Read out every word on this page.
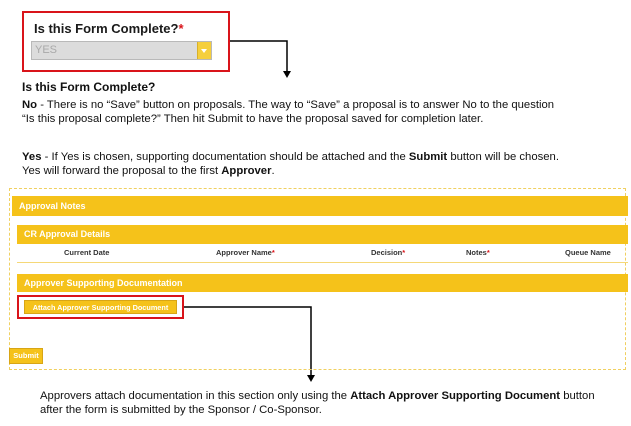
Is this Form Complete?*
YES
Is this Form Complete?
No - There is no “Save” button on proposals. The way to “Save” a proposal is to answer No to the question “Is this proposal complete?” Then hit Submit to have the proposal saved for completion later.
Yes - If Yes is chosen, supporting documentation should be attached and the Submit button will be chosen. Yes will forward the proposal to the first Approver.
Approval Notes
CR Approval Details
Current Date	Approver Name*	Decision*	Notes*	Queue Name
Approver Supporting Documentation
Attach Approver Supporting Document
Submit
Approvers attach documentation in this section only using the Attach Approver Supporting Document button after the form is submitted by the Sponsor / Co-Sponsor.
